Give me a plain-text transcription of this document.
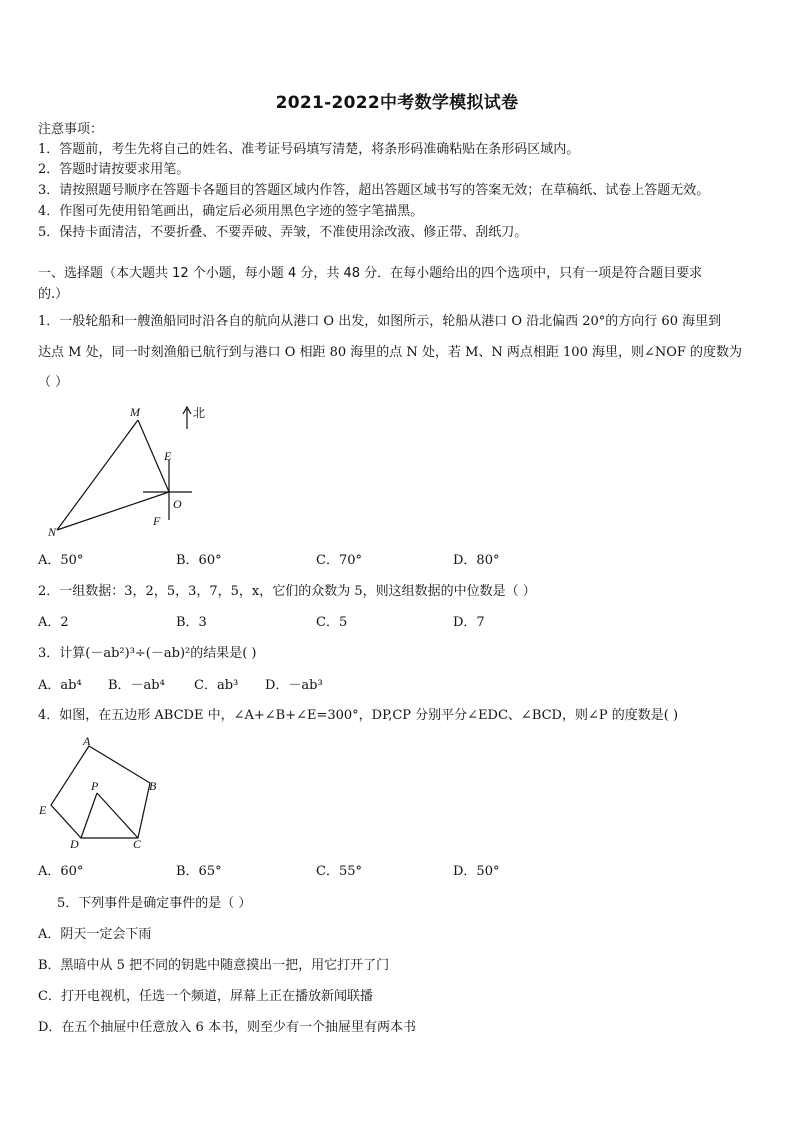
2021-2022中考数学模拟试卷
注意事项：
1．答题前，考生先将自己的姓名、准考证号码填写清楚，将条形码准确粘贴在条形码区域内。
2．答题时请按要求用笔。
3．请按照题号顺序在答题卡各题目的答题区域内作答，超出答题区域书写的答案无效；在草稿纸、试卷上答题无效。
4．作图可先使用铅笔画出，确定后必须用黑色字迹的签字笔描黑。
5．保持卡面清洁，不要折叠、不要弄破、弄皱，不准使用涂改液、修正带、刮纸刀。
一、选择题（本大题共 12 个小题，每小题 4 分，共 48 分．在每小题给出的四个选项中，只有一项是符合题目要求
的.）
1．一般轮船和一艘渔船同时沿各自的航向从港口 O 出发，如图所示，轮船从港口 O 沿北偏西 20°的方向行 60 海里到
达点 M 处，同一时刻渔船已航行到与港口 O 相距 80 海里的点 N 处，若 M、N 两点相距 100 海里，则∠NOF 的度数为
（ ）
M
N
O
E
F
北
A．50°	B．60°	C．70°	D．80°
2．一组数据：3，2，5，3，7，5，x，它们的众数为 5，则这组数据的中位数是（ ）
A．2	B．3	C．5	D．7
3．计算(－ab²)³÷(－ab)²的结果是( )
A．ab⁴ B．－ab⁴ C．ab³ D．－ab³
4．如图，在五边形 ABCDE 中，∠A+∠B+∠E=300°，DP,CP 分别平分∠EDC、∠BCD，则∠P 的度数是( )
A
B
C
D
E
P
A．60°	B．65°	C．55°	D．50°
5．下列事件是确定事件的是（ ）
A．阴天一定会下雨
B．黑暗中从 5 把不同的钥匙中随意摸出一把，用它打开了门
C．打开电视机，任选一个频道，屏幕上正在播放新闻联播
D．在五个抽屉中任意放入 6 本书，则至少有一个抽屉里有两本书
